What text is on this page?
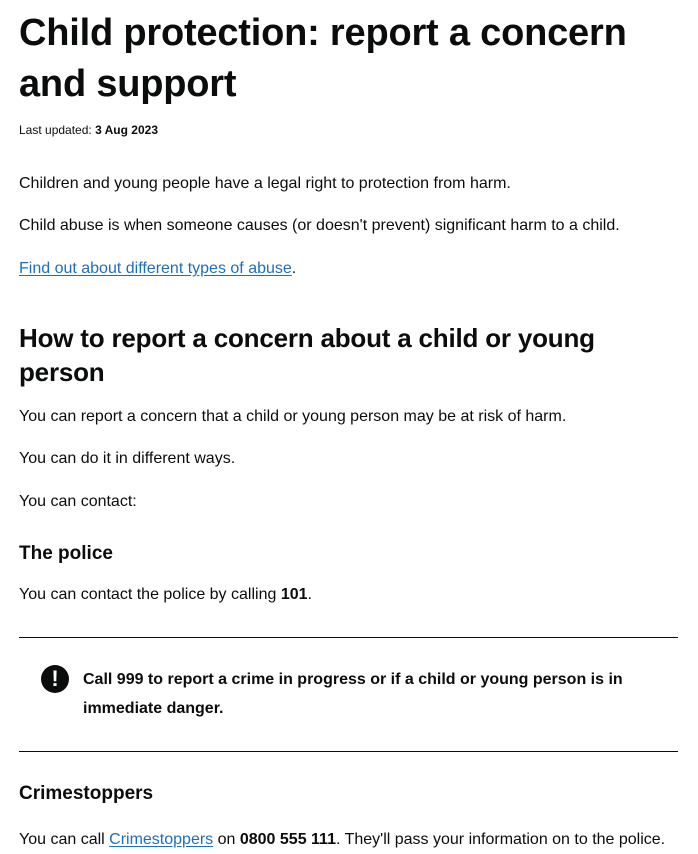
Child protection: report a concern and support
Last updated: 3 Aug 2023

Children and young people have a legal right to protection from harm.

Child abuse is when someone causes (or doesn't prevent) significant harm to a child.

Find out about different types of abuse.

How to report a concern about a child or young person

You can report a concern that a child or young person may be at risk of harm.

You can do it in different ways.

You can contact:

The police

You can contact the police by calling 101.

!	Call 999 to report a crime in progress or if a child or young person is in immediate danger.
Crimestoppers

You can call Crimestoppers on 0800 555 111. They'll pass your information on to the police.
